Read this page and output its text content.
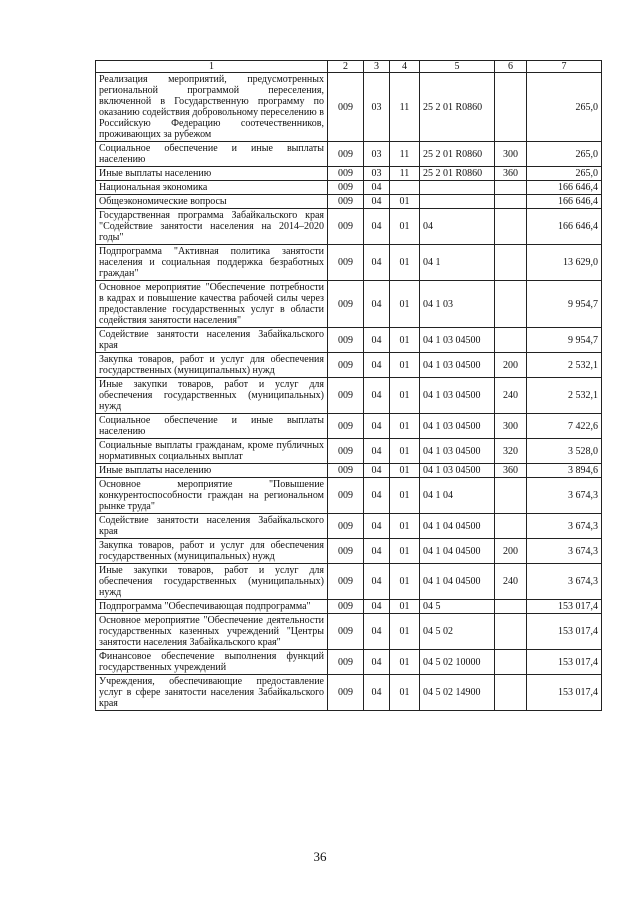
1	2	3	4	5	6	7
Реализация мероприятий, предусмотренных региональной программой переселения, включенной в Государственную программу по оказанию содействия добровольному переселению в Российскую Федерацию соотечественников, проживающих за рубежом	009	03	11	25 2 01 R0860		265,0
Социальное обеспечение и иные выплаты населению	009	03	11	25 2 01 R0860	300	265,0
Иные выплаты населению	009	03	11	25 2 01 R0860	360	265,0
Национальная экономика	009	04				166 646,4
Общеэкономические вопросы	009	04	01			166 646,4
Государственная программа Забайкальского края "Содействие занятости населения на 2014–2020 годы"	009	04	01	04		166 646,4
Подпрограмма "Активная политика занятости населения и социальная поддержка безработных граждан"	009	04	01	04 1		13 629,0
Основное мероприятие "Обеспечение потребности в кадрах и повышение качества рабочей силы через предоставление государственных услуг в области содействия занятости населения"	009	04	01	04 1 03		9 954,7
Содействие занятости населения Забайкальского края	009	04	01	04 1 03 04500		9 954,7
Закупка товаров, работ и услуг для обеспечения государственных (муниципальных) нужд	009	04	01	04 1 03 04500	200	2 532,1
Иные закупки товаров, работ и услуг для обеспечения государственных (муниципальных) нужд	009	04	01	04 1 03 04500	240	2 532,1
Социальное обеспечение и иные выплаты населению	009	04	01	04 1 03 04500	300	7 422,6
Социальные выплаты гражданам, кроме публичных нормативных социальных выплат	009	04	01	04 1 03 04500	320	3 528,0
Иные выплаты населению	009	04	01	04 1 03 04500	360	3 894,6
Основное мероприятие "Повышение конкурентоспособности граждан на региональном рынке труда"	009	04	01	04 1 04		3 674,3
Содействие занятости населения Забайкальского края	009	04	01	04 1 04 04500		3 674,3
Закупка товаров, работ и услуг для обеспечения государственных (муниципальных) нужд	009	04	01	04 1 04 04500	200	3 674,3
Иные закупки товаров, работ и услуг для обеспечения государственных (муниципальных) нужд	009	04	01	04 1 04 04500	240	3 674,3
Подпрограмма "Обеспечивающая подпрограмма"	009	04	01	04 5		153 017,4
Основное мероприятие "Обеспечение деятельности государственных казенных учреждений "Центры занятости населения Забайкальского края"	009	04	01	04 5 02		153 017,4
Финансовое обеспечение выполнения функций государственных учреждений	009	04	01	04 5 02 10000		153 017,4
Учреждения, обеспечивающие предоставление услуг в сфере занятости населения Забайкальского края	009	04	01	04 5 02 14900		153 017,4
36
